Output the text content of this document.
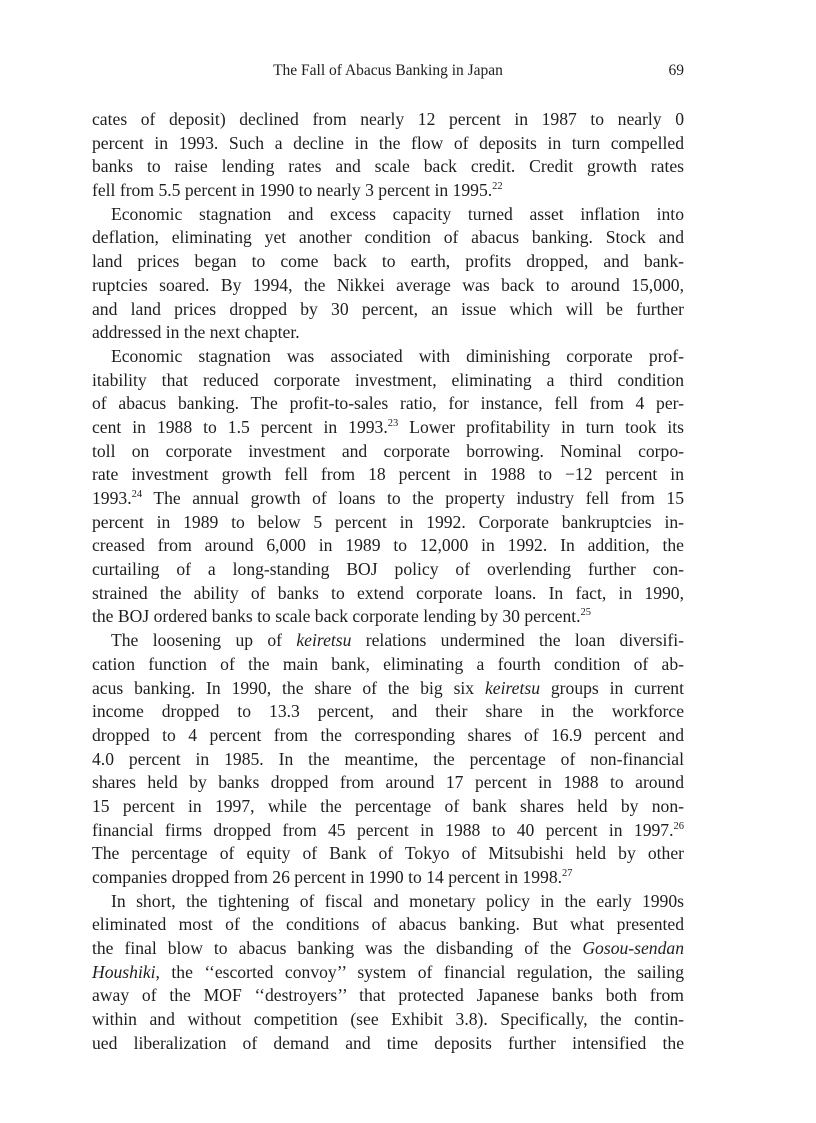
The Fall of Abacus Banking in Japan	69
cates of deposit) declined from nearly 12 percent in 1987 to nearly 0
percent in 1993. Such a decline in the flow of deposits in turn compelled
banks to raise lending rates and scale back credit. Credit growth rates
fell from 5.5 percent in 1990 to nearly 3 percent in 1995.22
Economic stagnation and excess capacity turned asset inflation into
deflation, eliminating yet another condition of abacus banking. Stock and
land prices began to come back to earth, profits dropped, and bank-
ruptcies soared. By 1994, the Nikkei average was back to around 15,000,
and land prices dropped by 30 percent, an issue which will be further
addressed in the next chapter.
Economic stagnation was associated with diminishing corporate prof-
itability that reduced corporate investment, eliminating a third condition
of abacus banking. The profit-to-sales ratio, for instance, fell from 4 per-
cent in 1988 to 1.5 percent in 1993.23 Lower profitability in turn took its
toll on corporate investment and corporate borrowing. Nominal corpo-
rate investment growth fell from 18 percent in 1988 to −12 percent in
1993.24 The annual growth of loans to the property industry fell from 15
percent in 1989 to below 5 percent in 1992. Corporate bankruptcies in-
creased from around 6,000 in 1989 to 12,000 in 1992. In addition, the
curtailing of a long-standing BOJ policy of overlending further con-
strained the ability of banks to extend corporate loans. In fact, in 1990,
the BOJ ordered banks to scale back corporate lending by 30 percent.$^{25}$
The loosening up of keiretsu relations undermined the loan diversifi-
cation function of the main bank, eliminating a fourth condition of ab-
acus banking. In 1990, the share of the big six keiretsu groups in current
income dropped to 13.3 percent, and their share in the workforce
dropped to 4 percent from the corresponding shares of 16.9 percent and
4.0 percent in 1985. In the meantime, the percentage of non-financial
shares held by banks dropped from around 17 percent in 1988 to around
15 percent in 1997, while the percentage of bank shares held by non-
financial firms dropped from 45 percent in 1988 to 40 percent in 1997.26
The percentage of equity of Bank of Tokyo of Mitsubishi held by other
companies dropped from 26 percent in 1990 to 14 percent in 1998.27
In short, the tightening of fiscal and monetary policy in the early 1990s
eliminated most of the conditions of abacus banking. But what presented
the final blow to abacus banking was the disbanding of the Gosou-sendan
Houshiki, the ‘‘escorted convoy’’ system of financial regulation, the sailing
away of the MOF ‘‘destroyers’’ that protected Japanese banks both from
within and without competition (see Exhibit 3.8). Specifically, the contin-
ued liberalization of demand and time deposits further intensified the
